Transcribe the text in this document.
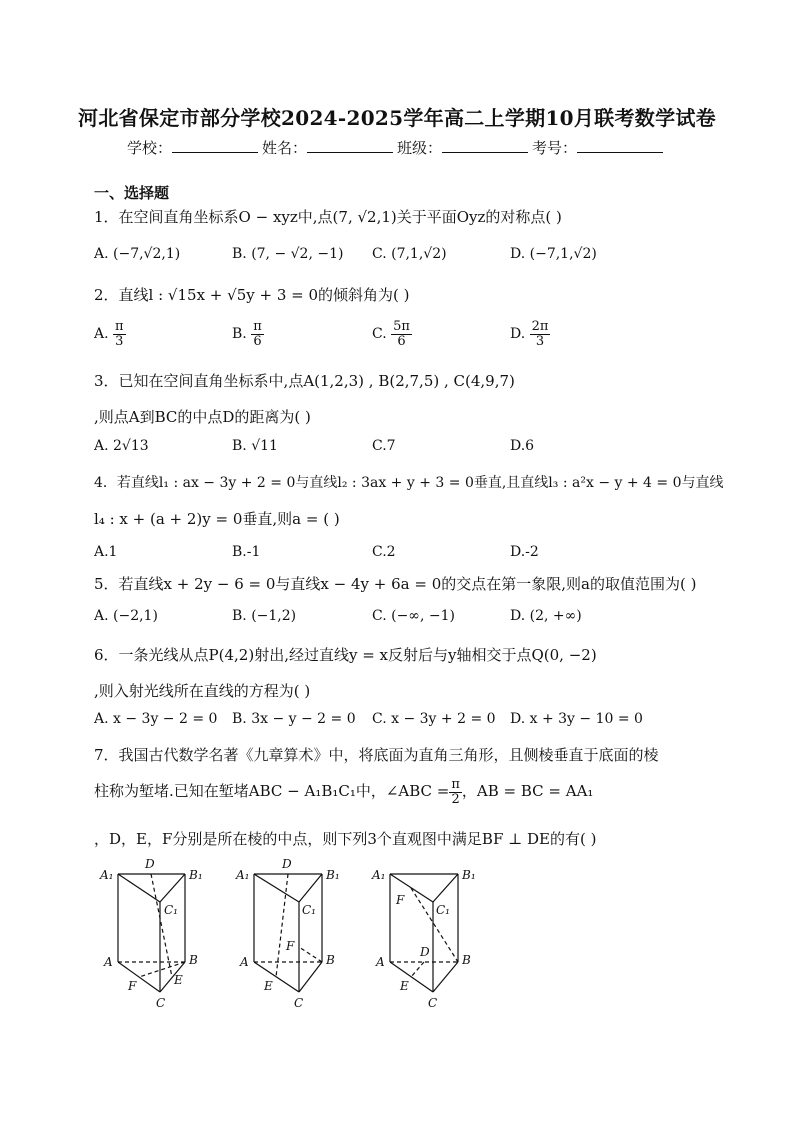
河北省保定市部分学校2024-2025学年高二上学期10月联考数学试卷
学校：	姓名：	班级：	考号：
一、选择题
1．在空间直角坐标系O − xyz中,点(7, √2,1)关于平面Oyz的对称点( )
A. (−7,√2,1)	B. (7, − √2, −1) C. (7,1,√2)	D. (−7,1,√2)
2．直线l : √15x + √5y + 3 = 0的倾斜角为( )
A. $\frac{\pi}{3}$	B. $\frac{\pi}{6}$	C. $\frac{5\pi}{6}$	D. $\frac{2\pi}{3}$
3．已知在空间直角坐标系中,点A(1,2,3) , B(2,7,5) , C(4,9,7)
,则点A到BC的中点D的距离为( )
A. 2√13	B. √11	C.7	D.6
4．若直线l₁ : ax − 3y + 2 = 0与直线l₂ : 3ax + y + 3 = 0垂直,且直线l₃ : a²x − y + 4 = 0与直线
l₄ : x + (a + 2)y = 0垂直,则a = ( )
A.1	B.-1	C.2	D.-2
5．若直线x + 2y − 6 = 0与直线x − 4y + 6a = 0的交点在第一象限,则a的取值范围为( )
A. (−2,1)	B. (−1,2)	C. (−∞, −1)	D. (2, +∞)
6．一条光线从点P(4,2)射出,经过直线y = x反射后与y轴相交于点Q(0, −2)
,则入射光线所在直线的方程为( )
A. x − 3y − 2 = 0 B. 3x − y − 2 = 0 C. x − 3y + 2 = 0 D. x + 3y − 10 = 0
7．我国古代数学名著《九章算术》中，将底面为直角三角形，且侧棱垂直于底面的棱
柱称为堑堵.已知在堑堵ABC − A₁B₁C₁中，∠ABC = $\frac{\pi}{2}$ ，AB = BC = AA₁
，D，E，F分别是所在棱的中点，则下列3个直观图中满足BF ⊥ DE的有( )
A₁
D
B₁
C₁
A	B
F	E
C
A₁
D
B₁
C₁
F
A	B
E
C
A₁	B₁
F
C₁
D
A	B
E
C
